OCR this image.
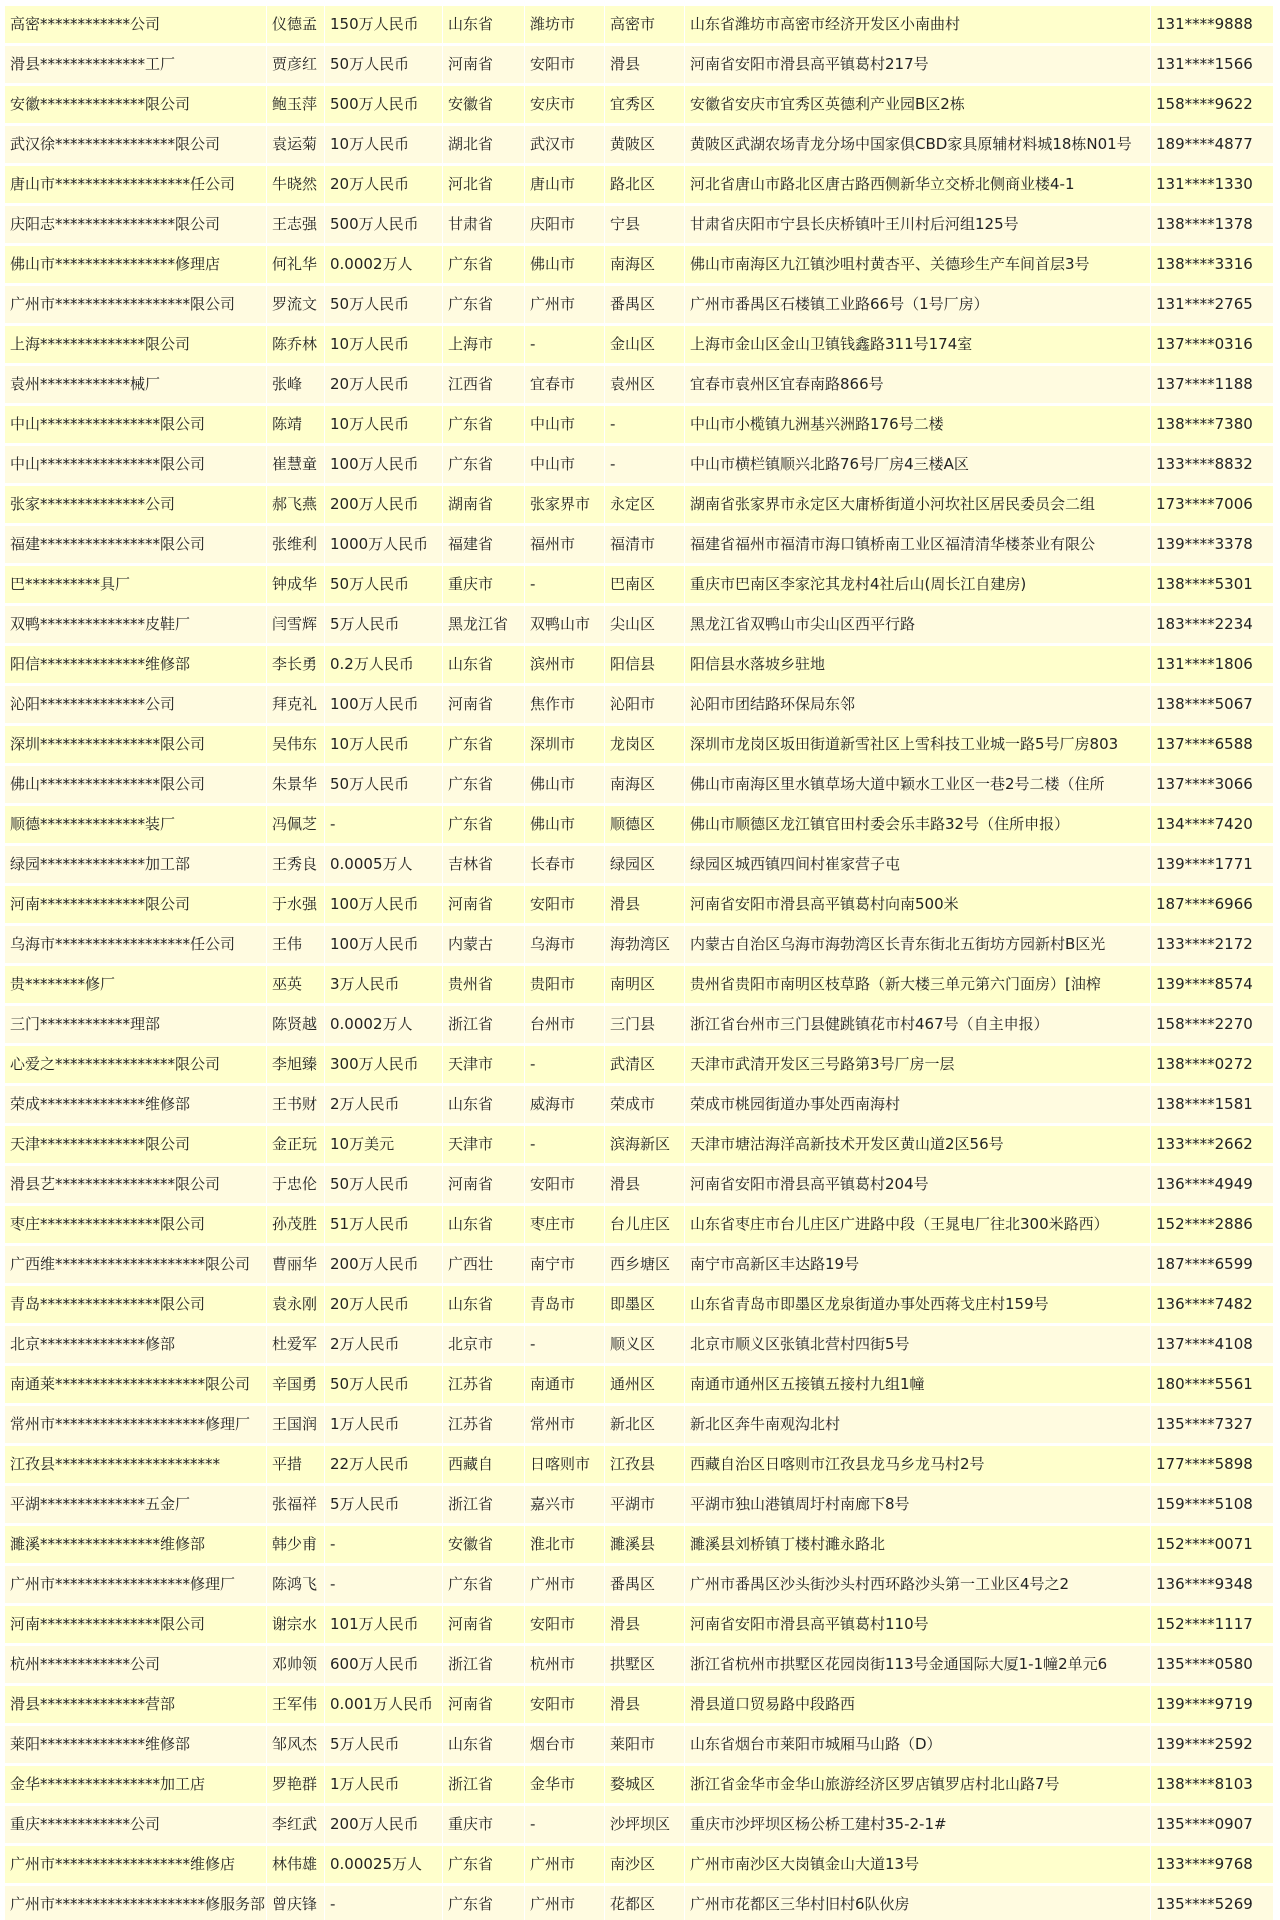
高密************公司	仪德孟	150万人民币	山东省	潍坊市	高密市	山东省潍坊市高密市经济开发区小南曲村	131****9888
滑县**************工厂	贾彦红	50万人民币	河南省	安阳市	滑县	河南省安阳市滑县高平镇葛村217号	131****1566
安徽**************限公司	鲍玉萍	500万人民币	安徽省	安庆市	宜秀区	安徽省安庆市宜秀区英德利产业园B区2栋	158****9622
武汉徐****************限公司	袁运菊	10万人民币	湖北省	武汉市	黄陂区	黄陂区武湖农场青龙分场中国家俱CBD家具原辅材料城18栋N01号	189****4877
唐山市******************任公司	牛晓然	20万人民币	河北省	唐山市	路北区	河北省唐山市路北区唐古路西侧新华立交桥北侧商业楼4-1	131****1330
庆阳志****************限公司	王志强	500万人民币	甘肃省	庆阳市	宁县	甘肃省庆阳市宁县长庆桥镇叶王川村后河组125号	138****1378
佛山市****************修理店	何礼华	0.0002万人	广东省	佛山市	南海区	佛山市南海区九江镇沙咀村黄杏平、关德珍生产车间首层3号	138****3316
广州市******************限公司	罗流文	50万人民币	广东省	广州市	番禺区	广州市番禺区石楼镇工业路66号（1号厂房）	131****2765
上海**************限公司	陈乔林	10万人民币	上海市	-	金山区	上海市金山区金山卫镇钱鑫路311号174室	137****0316
袁州************械厂	张峰	20万人民币	江西省	宜春市	袁州区	宜春市袁州区宜春南路866号	137****1188
中山****************限公司	陈靖	10万人民币	广东省	中山市	-	中山市小榄镇九洲基兴洲路176号二楼	138****7380
中山****************限公司	崔慧童	100万人民币	广东省	中山市	-	中山市横栏镇顺兴北路76号厂房4三楼A区	133****8832
张家**************公司	郝飞燕	200万人民币	湖南省	张家界市	永定区	湖南省张家界市永定区大庸桥街道小河坎社区居民委员会二组	173****7006
福建****************限公司	张维利	1000万人民币	福建省	福州市	福清市	福建省福州市福清市海口镇桥南工业区福清清华楼茶业有限公	139****3378
巴**********具厂	钟成华	50万人民币	重庆市	-	巴南区	重庆市巴南区李家沱其龙村4社后山(周长江自建房)	138****5301
双鸭**************皮鞋厂	闫雪辉	5万人民币	黑龙江省	双鸭山市	尖山区	黑龙江省双鸭山市尖山区西平行路	183****2234
阳信**************维修部	李长勇	0.2万人民币	山东省	滨州市	阳信县	阳信县水落坡乡驻地	131****1806
沁阳**************公司	拜克礼	100万人民币	河南省	焦作市	沁阳市	沁阳市团结路环保局东邻	138****5067
深圳****************限公司	吴伟东	10万人民币	广东省	深圳市	龙岗区	深圳市龙岗区坂田街道新雪社区上雪科技工业城一路5号厂房803	137****6588
佛山****************限公司	朱景华	50万人民币	广东省	佛山市	南海区	佛山市南海区里水镇草场大道中颖水工业区一巷2号二楼（住所	137****3066
顺德**************装厂	冯佩芝	-	广东省	佛山市	顺德区	佛山市顺德区龙江镇官田村委会乐丰路32号（住所申报）	134****7420
绿园**************加工部	王秀良	0.0005万人	吉林省	长春市	绿园区	绿园区城西镇四间村崔家营子屯	139****1771
河南**************限公司	于水强	100万人民币	河南省	安阳市	滑县	河南省安阳市滑县高平镇葛村向南500米	187****6966
乌海市******************任公司	王伟	100万人民币	内蒙古	乌海市	海勃湾区	内蒙古自治区乌海市海勃湾区长青东街北五街坊方园新村B区光	133****2172
贵********修厂	巫英	3万人民币	贵州省	贵阳市	南明区	贵州省贵阳市南明区枝草路（新大楼三单元第六门面房）[油榨	139****8574
三门************理部	陈贤越	0.0002万人	浙江省	台州市	三门县	浙江省台州市三门县健跳镇花市村467号（自主申报）	158****2270
心爱之****************限公司	李旭臻	300万人民币	天津市	-	武清区	天津市武清开发区三号路第3号厂房一层	138****0272
荣成**************维修部	王书财	2万人民币	山东省	威海市	荣成市	荣成市桃园街道办事处西南海村	138****1581
天津**************限公司	金正玩	10万美元	天津市	-	滨海新区	天津市塘沽海洋高新技术开发区黄山道2区56号	133****2662
滑县艺****************限公司	于忠伦	50万人民币	河南省	安阳市	滑县	河南省安阳市滑县高平镇葛村204号	136****4949
枣庄****************限公司	孙茂胜	51万人民币	山东省	枣庄市	台儿庄区	山东省枣庄市台儿庄区广进路中段（王晁电厂往北300米路西）	152****2886
广西维********************限公司	曹丽华	200万人民币	广西壮	南宁市	西乡塘区	南宁市高新区丰达路19号	187****6599
青岛****************限公司	袁永刚	20万人民币	山东省	青岛市	即墨区	山东省青岛市即墨区龙泉街道办事处西蒋戈庄村159号	136****7482
北京**************修部	杜爱军	2万人民币	北京市	-	顺义区	北京市顺义区张镇北营村四街5号	137****4108
南通莱********************限公司	辛国勇	50万人民币	江苏省	南通市	通州区	南通市通州区五接镇五接村九组1幢	180****5561
常州市********************修理厂	王国润	1万人民币	江苏省	常州市	新北区	新北区奔牛南观沟北村	135****7327
江孜县**********************	平措	22万人民币	西藏自	日喀则市	江孜县	西藏自治区日喀则市江孜县龙马乡龙马村2号	177****5898
平湖**************五金厂	张福祥	5万人民币	浙江省	嘉兴市	平湖市	平湖市独山港镇周圩村南廊下8号	159****5108
濉溪****************维修部	韩少甫	-	安徽省	淮北市	濉溪县	濉溪县刘桥镇丁楼村濉永路北	152****0071
广州市******************修理厂	陈鸿飞	-	广东省	广州市	番禺区	广州市番禺区沙头街沙头村西环路沙头第一工业区4号之2	136****9348
河南****************限公司	谢宗水	101万人民币	河南省	安阳市	滑县	河南省安阳市滑县高平镇葛村110号	152****1117
杭州************公司	邓帅领	600万人民币	浙江省	杭州市	拱墅区	浙江省杭州市拱墅区花园岗街113号金通国际大厦1-1幢2单元6	135****0580
滑县**************营部	王军伟	0.001万人民币	河南省	安阳市	滑县	滑县道口贸易路中段路西	139****9719
莱阳**************维修部	邹风杰	5万人民币	山东省	烟台市	莱阳市	山东省烟台市莱阳市城厢马山路（D）	139****2592
金华****************加工店	罗艳群	1万人民币	浙江省	金华市	婺城区	浙江省金华市金华山旅游经济区罗店镇罗店村北山路7号	138****8103
重庆************公司	李红武	200万人民币	重庆市	-	沙坪坝区	重庆市沙坪坝区杨公桥工建村35-2-1#	135****0907
广州市******************维修店	林伟雄	0.00025万人	广东省	广州市	南沙区	广州市南沙区大岗镇金山大道13号	133****9768
广州市********************修服务部	曾庆锋	-	广东省	广州市	花都区	广州市花都区三华村旧村6队伙房	135****5269
